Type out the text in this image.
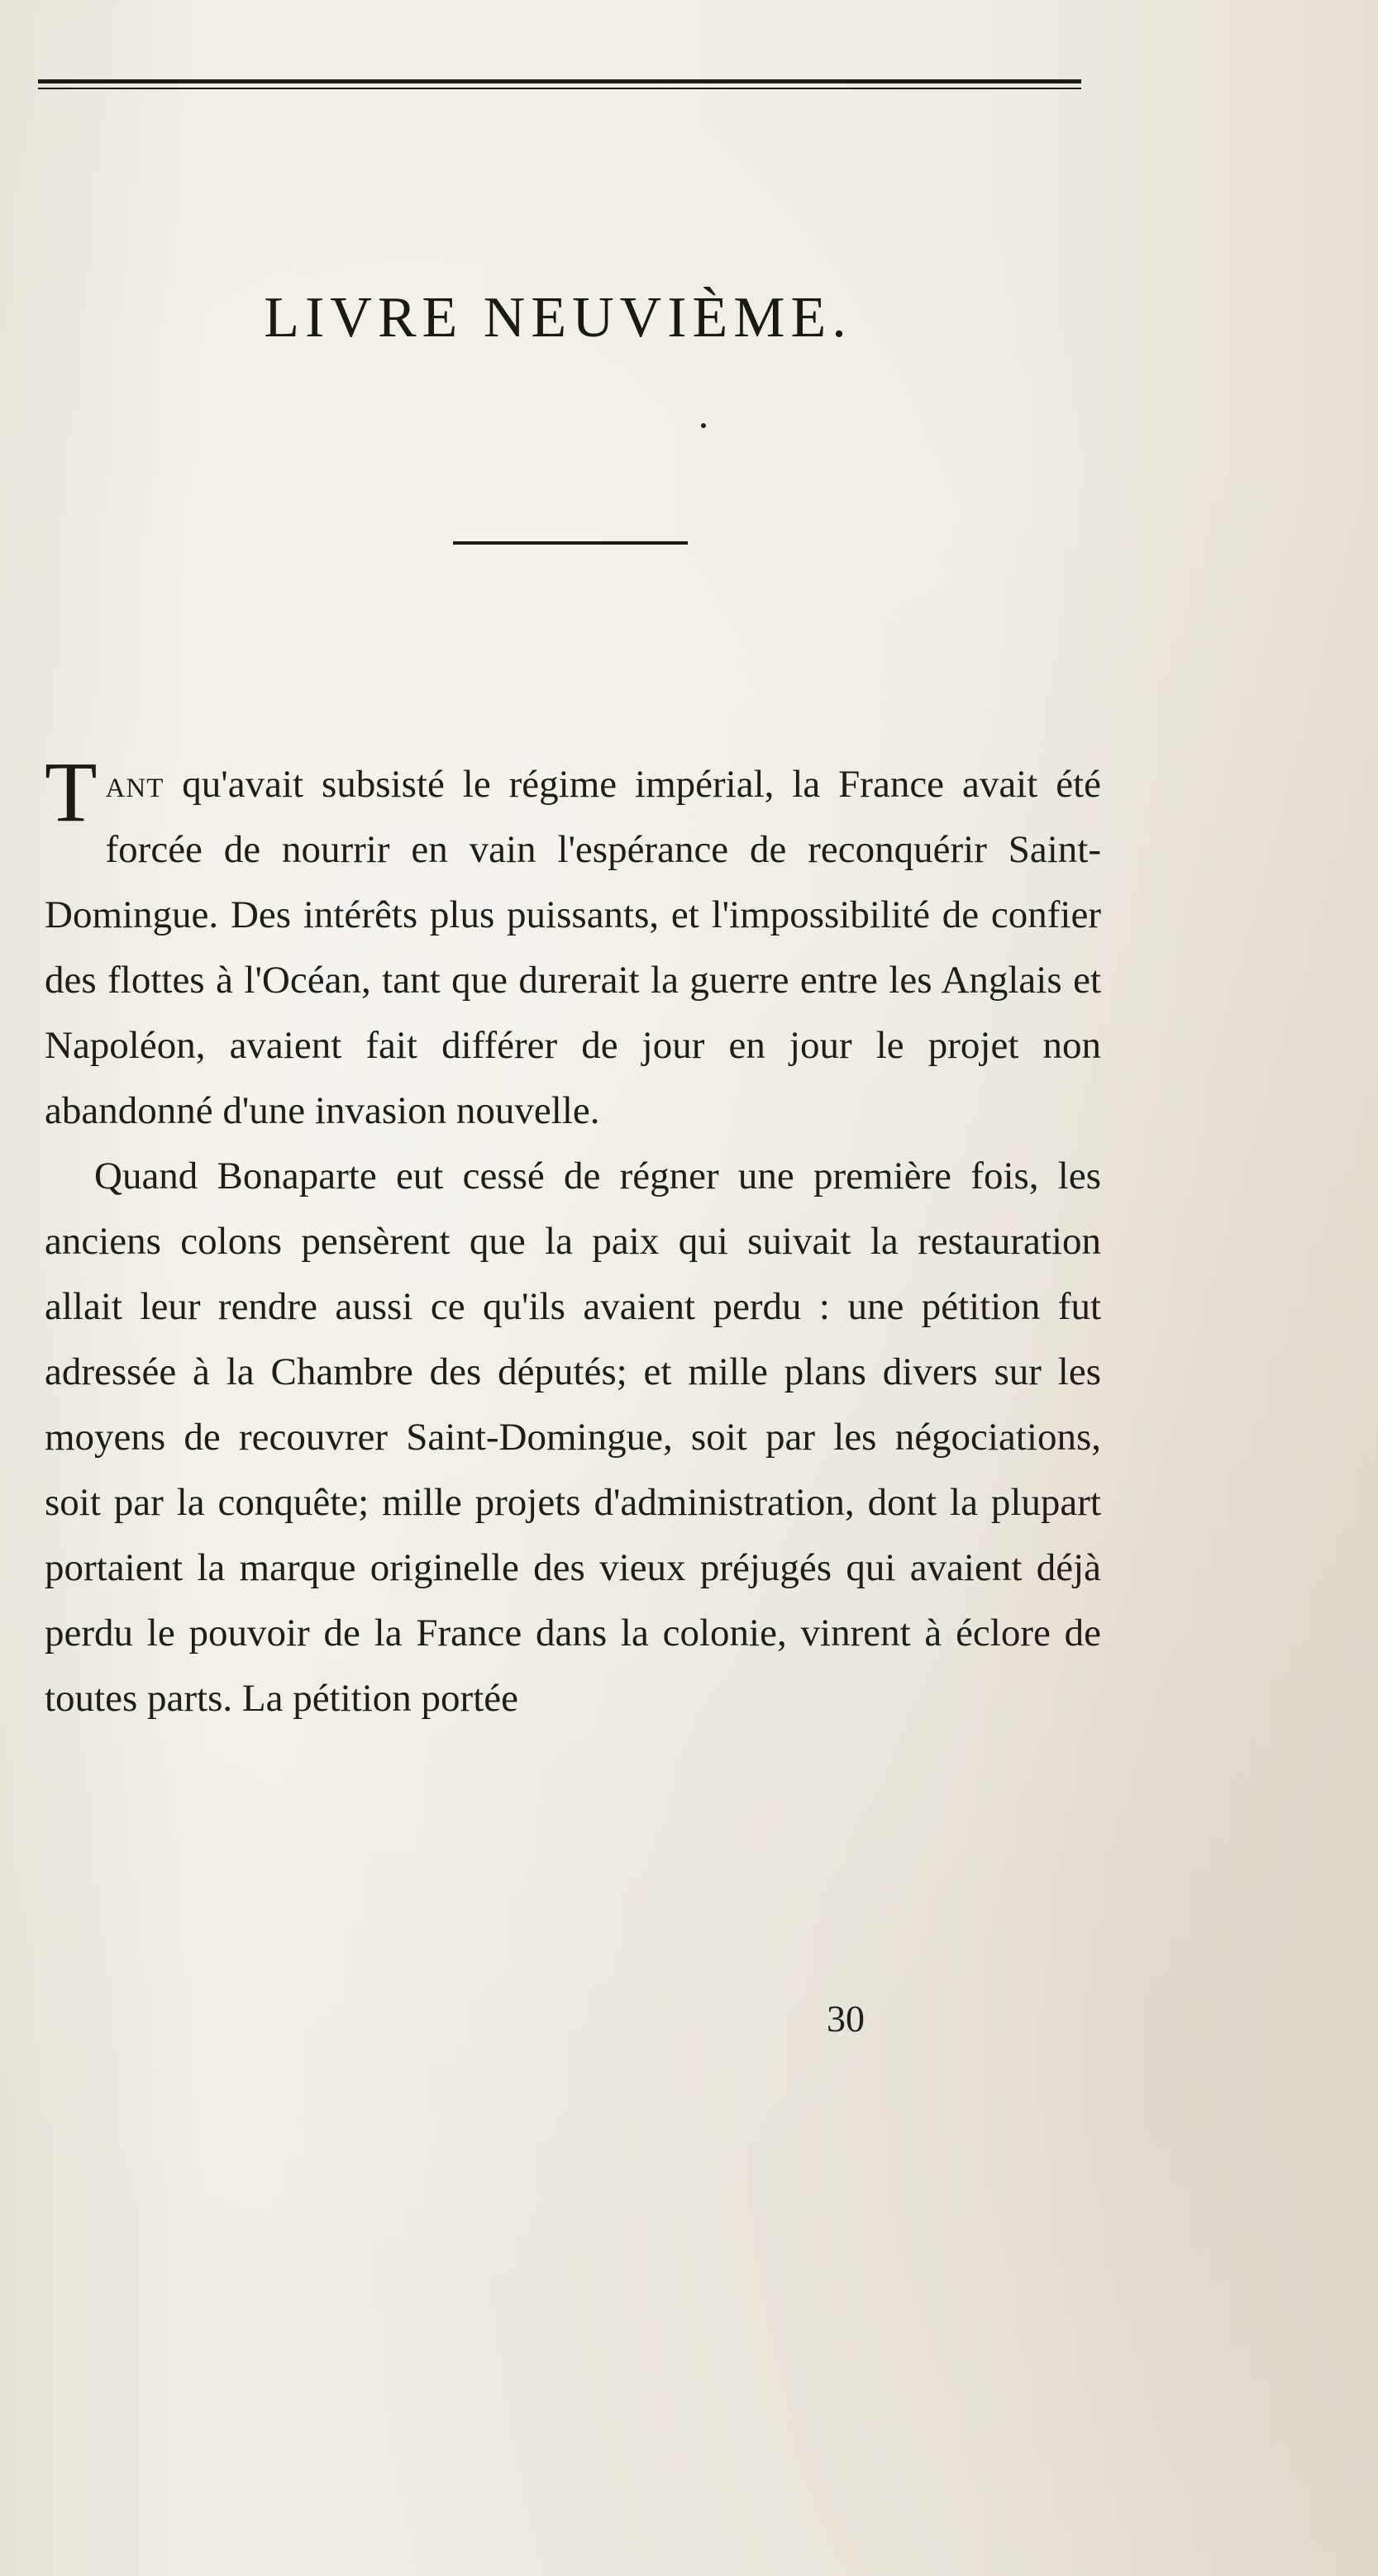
LIVRE NEUVIÈME.

Tant qu'avait subsisté le régime impérial, la France avait été forcée de nourrir en vain l'espérance de reconquérir Saint-Domingue. Des intérêts plus puissants, et l'impossibilité de confier des flottes à l'Océan, tant que durerait la guerre entre les Anglais et Napoléon, avaient fait différer de jour en jour le projet non abandonné d'une invasion nouvelle.

Quand Bonaparte eut cessé de régner une première fois, les anciens colons pensèrent que la paix qui suivait la restauration allait leur rendre aussi ce qu'ils avaient perdu : une pétition fut adressée à la Chambre des députés; et mille plans divers sur les moyens de recouvrer Saint-Domingue, soit par les négociations, soit par la conquête; mille projets d'administration, dont la plupart portaient la marque originelle des vieux préjugés qui avaient déjà perdu le pouvoir de la France dans la colonie, vinrent à éclore de toutes parts. La pétition portée

30
